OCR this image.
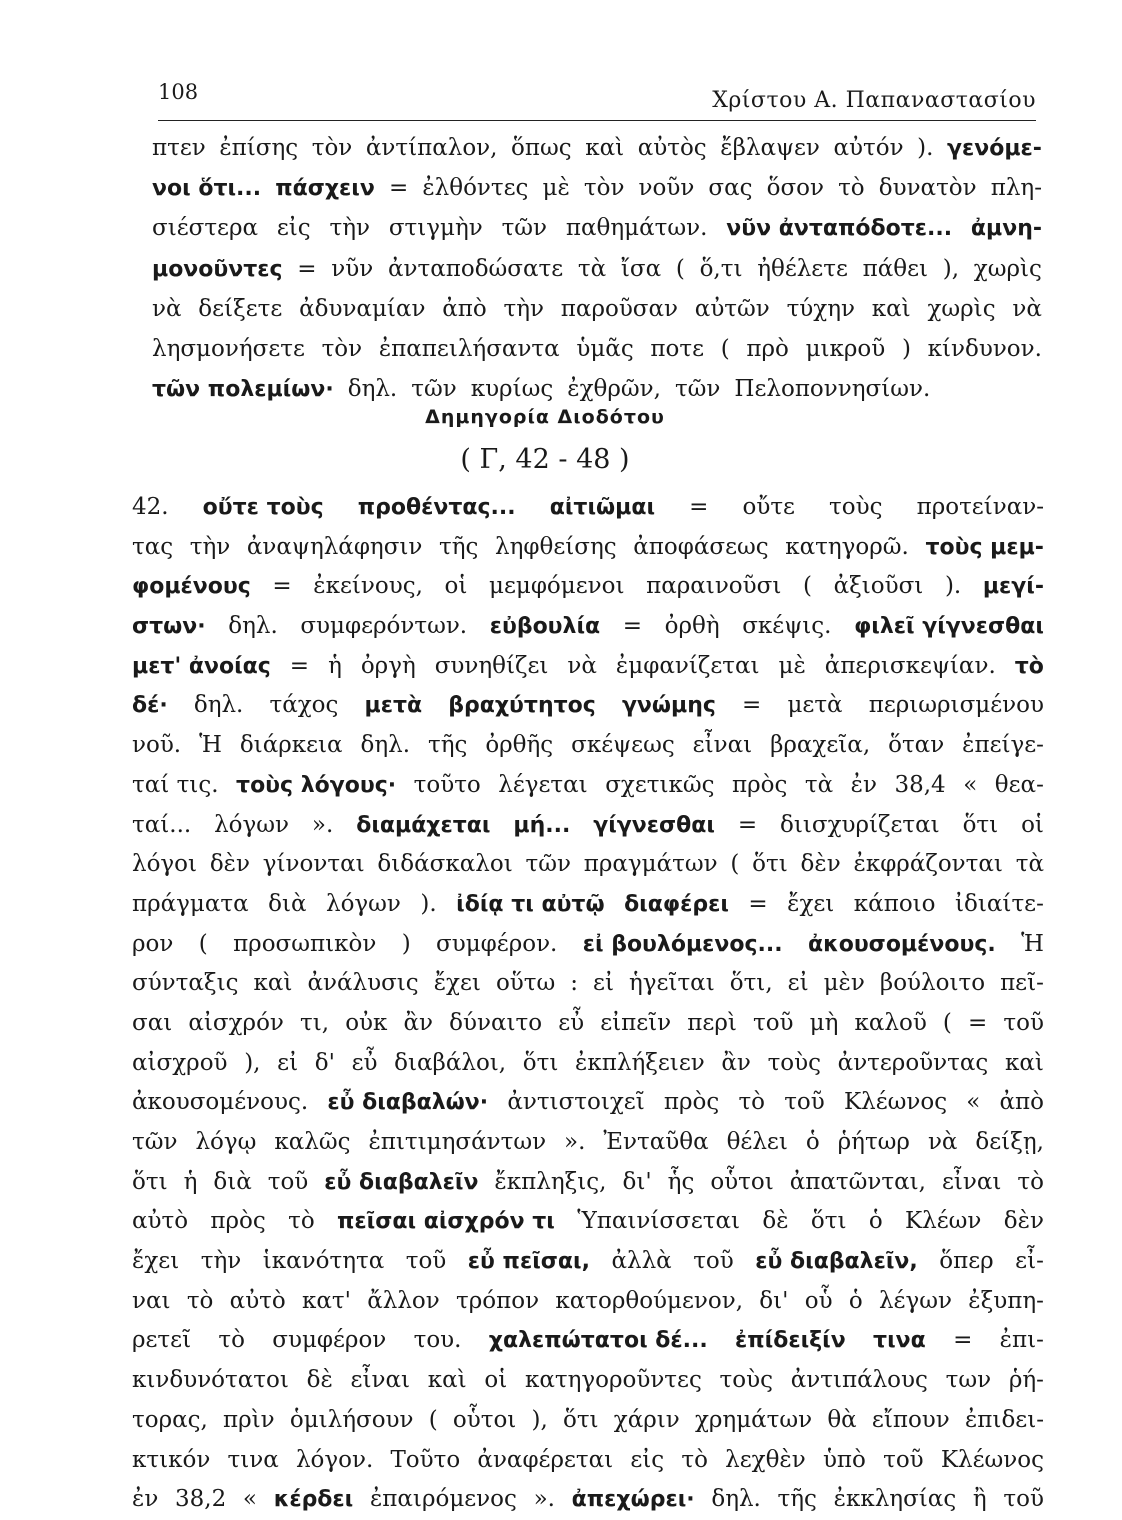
108	Χρίστου Α. Παπαναστασίου
πτεν ἐπίσης τὸν ἀντίπαλον, ὅπως καὶ αὐτὸς ἔβλαψεν αὐτόν ). γενόμε-
νοι ὅτι... πάσχειν = ἐλθόντες μὲ τὸν νοῦν σας ὅσον τὸ δυνατὸν πλη-
σιέστερα εἰς τὴν στιγμὴν τῶν παθημάτων. νῦν ἀνταπόδοτε... ἀμνη-
μονοῦντες = νῦν ἀνταποδώσατε τὰ ἴσα ( ὅ,τι ἠθέλετε πάθει ), χωρὶς
νὰ δείξετε ἀδυναμίαν ἀπὸ τὴν παροῦσαν αὐτῶν τύχην καὶ χωρὶς νὰ
λησμονήσετε τὸν ἐπαπειλήσαντα ὑμᾶς ποτε ( πρὸ μικροῦ ) κίνδυνον.
τῶν πολεμίων· δηλ. τῶν κυρίως ἐχθρῶν, τῶν Πελοποννησίων.
Δημηγορία Διοδότου
( Γ, 42 - 48 )
42. οὔτε τοὺς προθέντας... αἰτιῶμαι = οὔτε τοὺς προτείναν-
τας τὴν ἀναψηλάφησιν τῆς ληφθείσης ἀποφάσεως κατηγορῶ. τοὺς μεμ-
φομένους = ἐκείνους, οἱ μεμφόμενοι παραινοῦσι ( ἀξιοῦσι ). μεγί-
στων· δηλ. συμφερόντων. εὐβουλία = ὀρθὴ σκέψις. φιλεῖ γίγνεσθαι
μετ' ἀνοίας = ἡ ὀργὴ συνηθίζει νὰ ἐμφανίζεται μὲ ἀπερισκεψίαν. τὸ
δέ· δηλ. τάχος μετὰ βραχύτητος γνώμης = μετὰ περιωρισμένου
νοῦ. Ἡ διάρκεια δηλ. τῆς ὀρθῆς σκέψεως εἶναι βραχεῖα, ὅταν ἐπείγε-
ταί τις. τοὺς λόγους· τοῦτο λέγεται σχετικῶς πρὸς τὰ ἐν 38,4 « θεα-
ταί... λόγων ». διαμάχεται μή... γίγνεσθαι = διισχυρίζεται ὅτι οἱ
λόγοι δὲν γίνονται διδάσκαλοι τῶν πραγμάτων ( ὅτι δὲν ἐκφράζονται τὰ
πράγματα διὰ λόγων ). ἰδίᾳ τι αὐτῷ διαφέρει = ἔχει κάποιο ἰδιαίτε-
ρον ( προσωπικὸν ) συμφέρον. εἰ βουλόμενος... ἀκουσομένους. Ἡ
σύνταξις καὶ ἀνάλυσις ἔχει οὕτω : εἰ ἡγεῖται ὅτι, εἰ μὲν βούλοιτο πεῖ-
σαι αἰσχρόν τι, οὐκ ἂν δύναιτο εὖ εἰπεῖν περὶ τοῦ μὴ καλοῦ ( = τοῦ
αἰσχροῦ ), εἰ δ' εὖ διαβάλοι, ὅτι ἐκπλήξειεν ἂν τοὺς ἀντεροῦντας καὶ
ἀκουσομένους. εὖ διαβαλών· ἀντιστοιχεῖ πρὸς τὸ τοῦ Κλέωνος « ἀπὸ
τῶν λόγῳ καλῶς ἐπιτιμησάντων ». Ἐνταῦθα θέλει ὁ ῥήτωρ νὰ δείξῃ,
ὅτι ἡ διὰ τοῦ εὖ διαβαλεῖν ἔκπληξις, δι' ἧς οὗτοι ἀπατῶνται, εἶναι τὸ
αὐτὸ πρὸς τὸ πεῖσαι αἰσχρόν τι Ὑπαινίσσεται δὲ ὅτι ὁ Κλέων δὲν
ἔχει τὴν ἱκανότητα τοῦ εὖ πεῖσαι, ἀλλὰ τοῦ εὖ διαβαλεῖν, ὅπερ εἶ-
ναι τὸ αὐτὸ κατ' ἄλλον τρόπον κατορθούμενον, δι' οὗ ὁ λέγων ἐξυπη-
ρετεῖ τὸ συμφέρον του. χαλεπώτατοι δέ... ἐπίδειξίν τινα = ἐπι-
κινδυνότατοι δὲ εἶναι καὶ οἱ κατηγοροῦντες τοὺς ἀντιπάλους των ῥή-
τορας, πρὶν ὁμιλήσουν ( οὗτοι ), ὅτι χάριν χρημάτων θὰ εἴπουν ἐπιδει-
κτικόν τινα λόγον. Τοῦτο ἀναφέρεται εἰς τὸ λεχθὲν ὑπὸ τοῦ Κλέωνος
ἐν 38,2 « κέρδει ἐπαιρόμενος ». ἀπεχώρει· δηλ. τῆς ἐκκλησίας ἢ τοῦ
